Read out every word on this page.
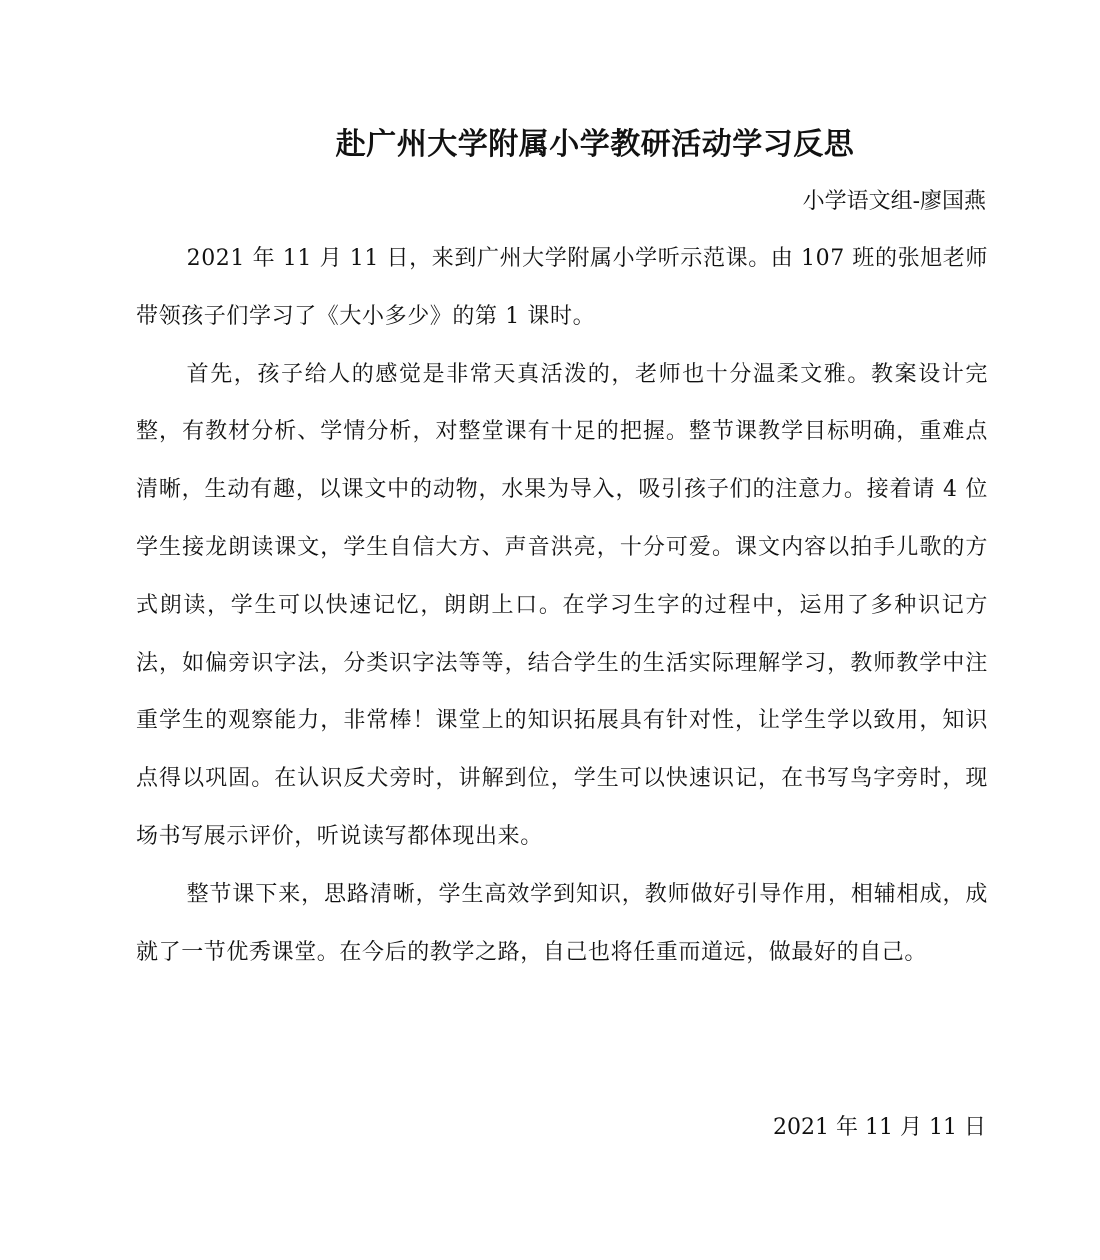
赴广州大学附属小学教研活动学习反思

小学语文组-廖国燕

2021 年 11 月 11 日，来到广州大学附属小学听示范课。由 107 班的张旭老师带领孩子们学习了《大小多少》的第 1 课时。

首先，孩子给人的感觉是非常天真活泼的，老师也十分温柔文雅。教案设计完整，有教材分析、学情分析，对整堂课有十足的把握。整节课教学目标明确，重难点清晰，生动有趣，以课文中的动物，水果为导入，吸引孩子们的注意力。接着请 4 位学生接龙朗读课文，学生自信大方、声音洪亮，十分可爱。课文内容以拍手儿歌的方式朗读，学生可以快速记忆，朗朗上口。在学习生字的过程中，运用了多种识记方法，如偏旁识字法，分类识字法等等，结合学生的生活实际理解学习，教师教学中注重学生的观察能力，非常棒！课堂上的知识拓展具有针对性，让学生学以致用，知识点得以巩固。在认识反犬旁时，讲解到位，学生可以快速识记，在书写鸟字旁时，现场书写展示评价，听说读写都体现出来。

整节课下来，思路清晰，学生高效学到知识，教师做好引导作用，相辅相成，成就了一节优秀课堂。在今后的教学之路，自己也将任重而道远，做最好的自己。

2021 年 11 月 11 日
